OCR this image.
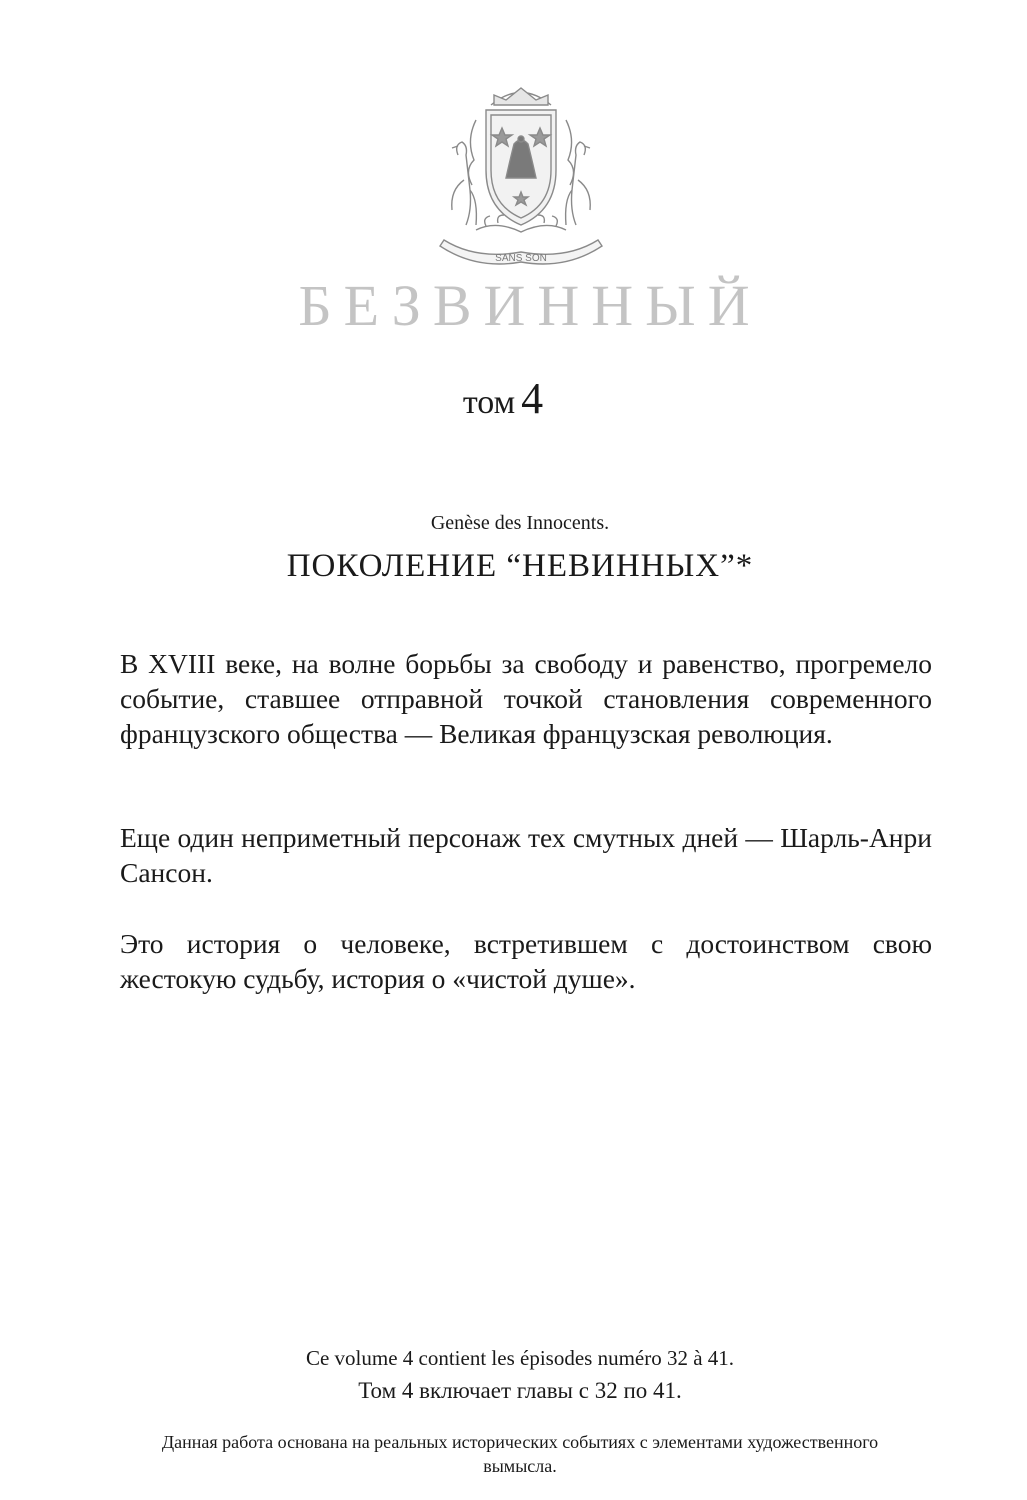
SANS SON
БЕЗВИННЫЙ
том 4
Genèse des Innocents.
ПОКОЛЕНИЕ “НЕВИННЫХ”*

В XVIII веке, на волне борьбы за свободу и равенство, прогремело событие, ставшее отправной точкой становления современного французского общества — Великая французская революция.

Еще один неприметный персонаж тех смутных дней — Шарль-Анри Сансон.

Это история о человеке, встретившем с достоинством свою жестокую судьбу, история о «чистой душе».

Ce volume 4 contient les épisodes numéro 32 à 41.
Том 4 включает главы с 32 по 41.
Данная работа основана на реальных исторических событиях с элементами художественного вымысла.
